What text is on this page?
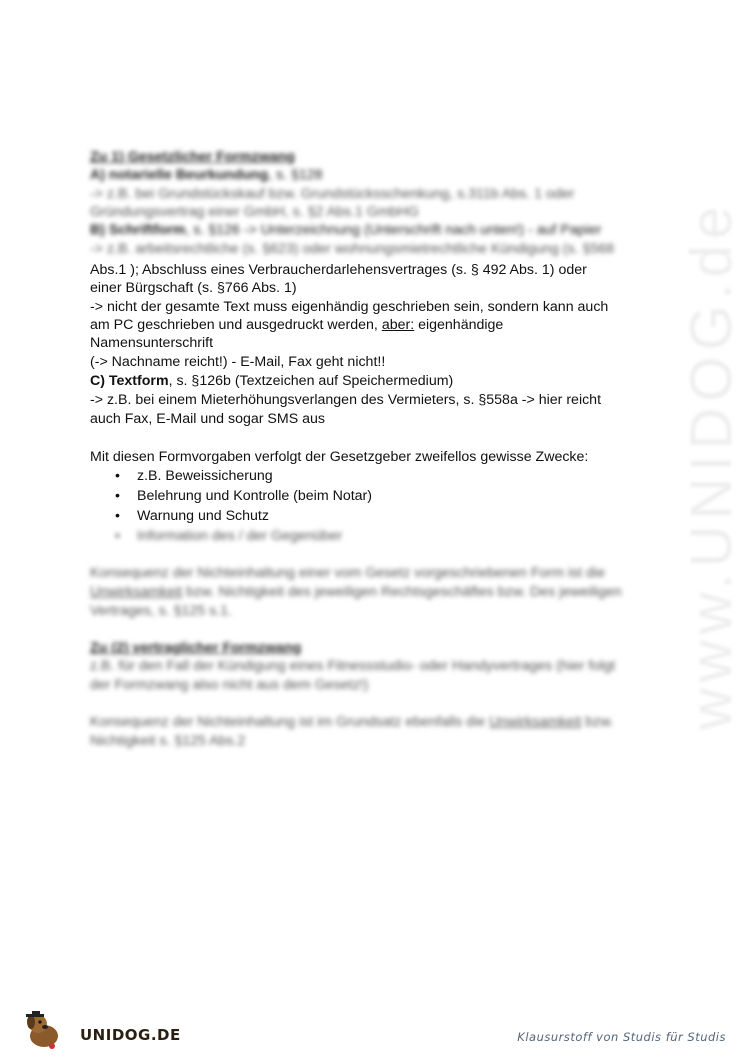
Zu 1) Gesetzlicher Formzwang
A) notarielle Beurkundung, s. §128
-> z.B. bei Grundstückskauf bzw. Grundstücksschenkung, s.311b Abs. 1 oder
Gründungsvertrag einer GmbH, s. §2 Abs.1 GmbHG
B) Schriftform, s. §126 -> Unterzeichnung (Unterschrift nach unten!) - auf Papier
-> z.B. arbeitsrechtliche (s. §623) oder wohnungsmietrechtliche Kündigung (s. §568
Abs.1 ); Abschluss eines Verbraucherdarlehensvertrages (s. § 492 Abs. 1) oder
einer Bürgschaft (s. §766 Abs. 1)
-> nicht der gesamte Text muss eigenhändig geschrieben sein, sondern kann auch
am PC geschrieben und ausgedruckt werden, aber: eigenhändige
Namensunterschrift
(-> Nachname reicht!) - E-Mail, Fax geht nicht!!
C) Textform, s. §126b (Textzeichen auf Speichermedium)
-> z.B. bei einem Mieterhöhungsverlangen des Vermieters, s. §558a -> hier reicht
auch Fax, E-Mail und sogar SMS aus
Mit diesen Formvorgaben verfolgt der Gesetzgeber zweifellos gewisse Zwecke:
• z.B. Beweissicherung
• Belehrung und Kontrolle (beim Notar)
• Warnung und Schutz
• Information des / der Gegenüber
Konsequenz der Nichteinhaltung einer vom Gesetz vorgeschriebenen Form ist die
Unwirksamkeit bzw. Nichtigkeit des jeweiligen Rechtsgeschäftes bzw. Des jeweiligen
Vertrages, s. §125 s.1.
Zu (2) vertraglicher Formzwang
z.B. für den Fall der Kündigung eines Fitnessstudio- oder Handyvertrages (hier folgt
der Formzwang also nicht aus dem Gesetz!)
Konsequenz der Nichteinhaltung ist im Grundsatz ebenfalls die Unwirksamkeit bzw.
Nichtigkeit s. §125 Abs.2
www.UNIDOG.de
UNIDOG.DE	Klausurstoff von Studis für Studis
